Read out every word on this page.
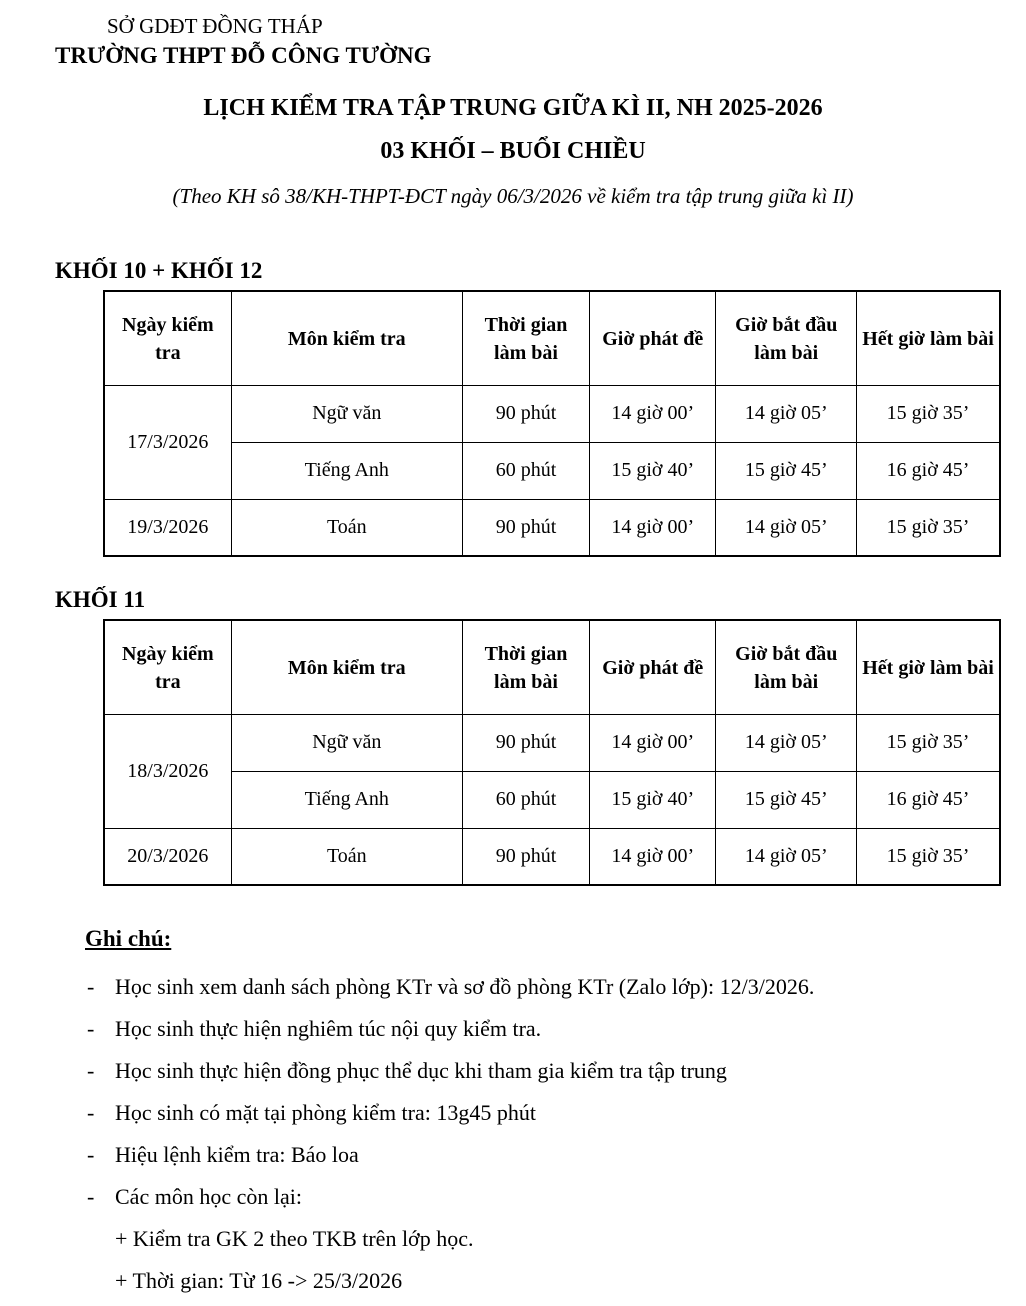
SỞ GDĐT ĐỒNG THÁP
TRƯỜNG THPT ĐỖ CÔNG TƯỜNG
LỊCH KIỂM TRA TẬP TRUNG GIỮA KÌ II, NH 2025-2026
03 KHỐI – BUỔI CHIỀU
(Theo KH sô 38/KH-THPT-ĐCT ngày 06/3/2026 về kiểm tra tập trung giữa kì II)
KHỐI 10 + KHỐI 12
Ngày kiểm tra	Môn kiểm tra	Thời gian làm bài	Giờ phát đề	Giờ bắt đầu làm bài	Hết giờ làm bài
17/3/2026	Ngữ văn	90 phút	14 giờ 00’	14 giờ 05’	15 giờ 35’
	Tiếng Anh	60 phút	15 giờ 40’	15 giờ 45’	16 giờ 45’
19/3/2026	Toán	90 phút	14 giờ 00’	14 giờ 05’	15 giờ 35’
KHỐI 11
Ngày kiểm tra	Môn kiểm tra	Thời gian làm bài	Giờ phát đề	Giờ bắt đầu làm bài	Hết giờ làm bài
18/3/2026	Ngữ văn	90 phút	14 giờ 00’	14 giờ 05’	15 giờ 35’
	Tiếng Anh	60 phút	15 giờ 40’	15 giờ 45’	16 giờ 45’
20/3/2026	Toán	90 phút	14 giờ 00’	14 giờ 05’	15 giờ 35’
Ghi chú:
- Học sinh xem danh sách phòng KTr và sơ đồ phòng KTr (Zalo lớp): 12/3/2026.
- Học sinh thực hiện nghiêm túc nội quy kiểm tra.
- Học sinh thực hiện đồng phục thể dục khi tham gia kiểm tra tập trung
- Học sinh có mặt tại phòng kiểm tra: 13g45 phút
- Hiệu lệnh kiểm tra: Báo loa
- Các môn học còn lại:
+ Kiểm tra GK 2 theo TKB trên lớp học.
+ Thời gian: Từ 16 -> 25/3/2026
